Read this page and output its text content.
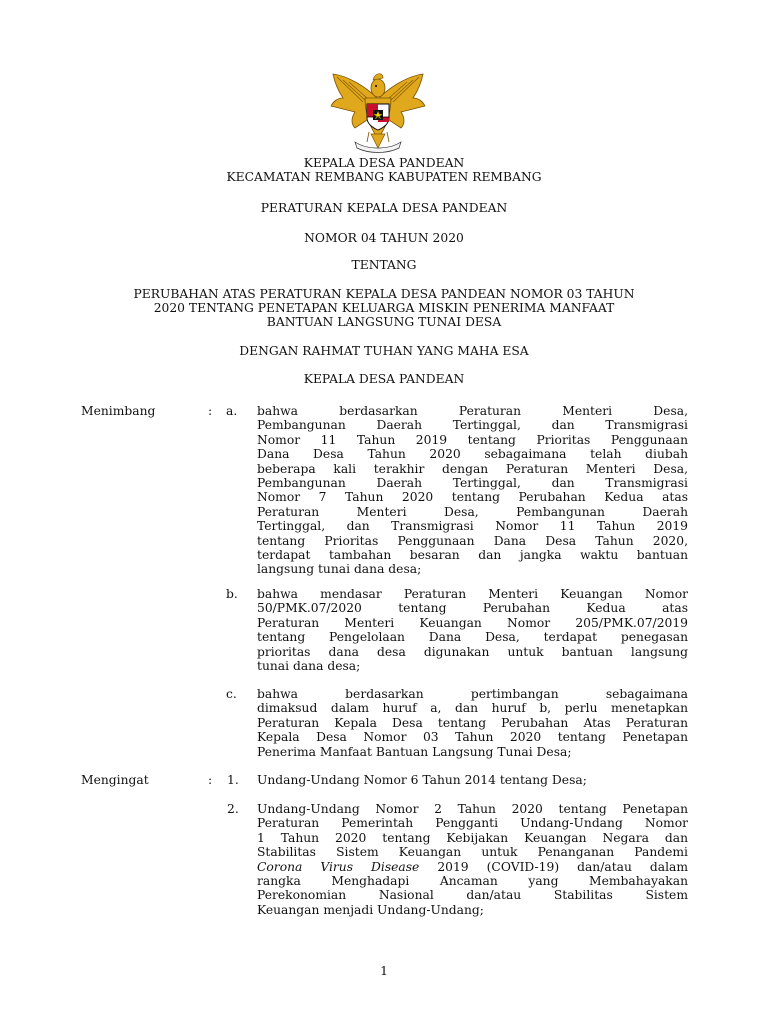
KEPALA DESA PANDEAN
KECAMATAN REMBANG KABUPATEN REMBANG
PERATURAN KEPALA DESA PANDEAN
NOMOR 04 TAHUN 2020
TENTANG
PERUBAHAN ATAS PERATURAN KEPALA DESA PANDEAN NOMOR 03 TAHUN
2020 TENTANG PENETAPAN KELUARGA MISKIN PENERIMA MANFAAT
BANTUAN LANGSUNG TUNAI DESA
DENGAN RAHMAT TUHAN YANG MAHA ESA
KEPALA DESA PANDEAN
Menimbang	: a. bahwa berdasarkan Peraturan Menteri Desa,
Pembangunan Daerah Tertinggal, dan Transmigrasi
Nomor 11 Tahun 2019 tentang Prioritas Penggunaan
Dana Desa Tahun 2020 sebagaimana telah diubah
beberapa kali terakhir dengan Peraturan Menteri Desa,
Pembangunan Daerah Tertinggal, dan Transmigrasi
Nomor 7 Tahun 2020 tentang Perubahan Kedua atas
Peraturan Menteri Desa, Pembangunan Daerah
Tertinggal, dan Transmigrasi Nomor 11 Tahun 2019
tentang Prioritas Penggunaan Dana Desa Tahun 2020,
terdapat tambahan besaran dan jangka waktu bantuan
langsung tunai dana desa;
b. bahwa mendasar Peraturan Menteri Keuangan Nomor
50/PMK.07/2020 tentang Perubahan Kedua atas
Peraturan Menteri Keuangan Nomor 205/PMK.07/2019
tentang Pengelolaan Dana Desa, terdapat penegasan
prioritas dana desa digunakan untuk bantuan langsung
tunai dana desa;
c. bahwa berdasarkan pertimbangan sebagaimana
dimaksud dalam huruf a, dan huruf b, perlu menetapkan
Peraturan Kepala Desa tentang Perubahan Atas Peraturan
Kepala Desa Nomor 03 Tahun 2020 tentang Penetapan
Penerima Manfaat Bantuan Langsung Tunai Desa;
Mengingat	: 1. Undang-Undang Nomor 6 Tahun 2014 tentang Desa;
2. Undang-Undang Nomor 2 Tahun 2020 tentang Penetapan
Peraturan Pemerintah Pengganti Undang-Undang Nomor
1 Tahun 2020 tentang Kebijakan Keuangan Negara dan
Stabilitas Sistem Keuangan untuk Penanganan Pandemi
Corona Virus Disease 2019 (COVID-19) dan/atau dalam
rangka Menghadapi Ancaman yang Membahayakan
Perekonomian Nasional dan/atau Stabilitas Sistem
Keuangan menjadi Undang-Undang;
1
